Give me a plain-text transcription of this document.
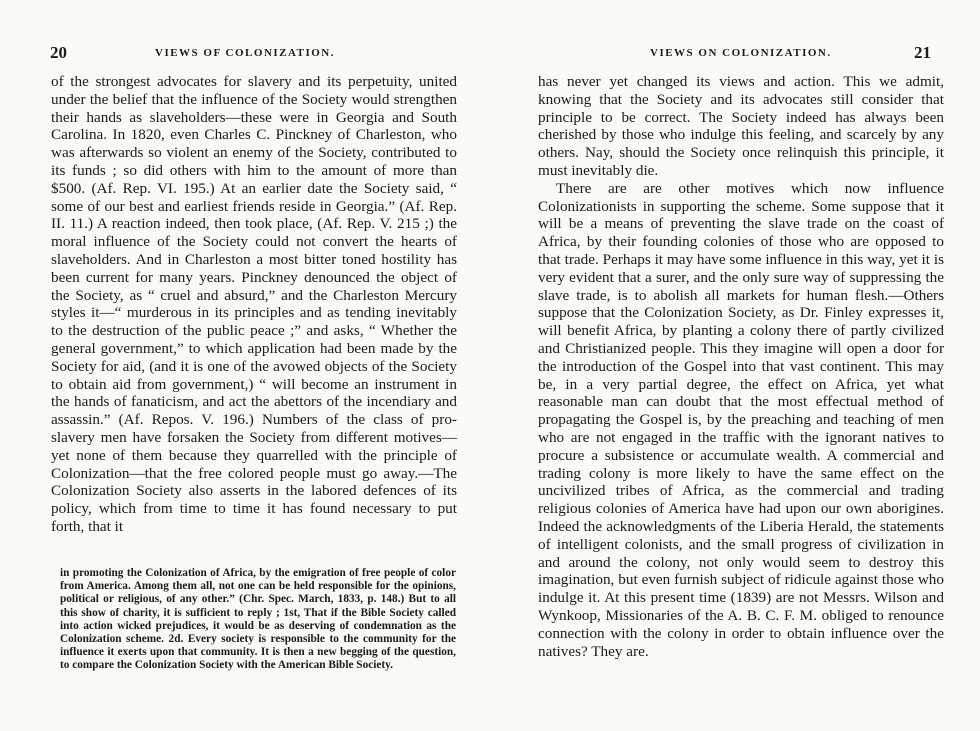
20	VIEWS OF COLONIZATION.

of the strongest advocates for slavery and its perpetuity, united under the belief that the influence of the Society would strengthen their hands as slaveholders—these were in Georgia and South Carolina. In 1820, even Charles C. Pinckney of Charleston, who was afterwards so violent an enemy of the Society, contributed to its funds ; so did others with him to the amount of more than $500. (Af. Rep. VI. 195.) At an earlier date the Society said, “ some of our best and earliest friends reside in Georgia.” (Af. Rep. II. 11.) A reaction indeed, then took place, (Af. Rep. V. 215 ;) the moral influence of the Society could not convert the hearts of slaveholders. And in Charleston a most bitter toned hostility has been current for many years. Pinckney denounced the object of the Society, as “ cruel and absurd,” and the Charleston Mercury styles it—“ murderous in its principles and as tending inevitably to the destruction of the public peace ;” and asks, “ Whether the general government,” to which application had been made by the Society for aid, (and it is one of the avowed objects of the Society to obtain aid from government,) “ will become an instrument in the hands of fanaticism, and act the abettors of the incendiary and assassin.” (Af. Repos. V. 196.) Numbers of the class of pro-slavery men have forsaken the Society from different motives—yet none of them because they quarrelled with the principle of Colonization—that the free colored people must go away.—The Colonization Society also asserts in the labored defences of its policy, which from time to time it has found necessary to put forth, that it

in promoting the Colonization of Africa, by the emigration of free people of color from America. Among them all, not one can be held responsible for the opinions, political or religious, of any other.” (Chr. Spec. March, 1833, p. 148.) But to all this show of charity, it is sufficient to reply ; 1st, That if the Bible Society called into action wicked prejudices, it would be as deserving of condemnation as the Colonization scheme. 2d. Every society is responsible to the community for the influence it exerts upon that community. It is then a new begging of the question, to compare the Colonization Society with the American Bible Society.

VIEWS ON COLONIZATION.	21

has never yet changed its views and action. This we admit, knowing that the Society and its advocates still consider that principle to be correct. The Society indeed has always been cherished by those who indulge this feeling, and scarcely by any others. Nay, should the Society once relinquish this principle, it must inevitably die.

There are are other motives which now influence Colonizationists in supporting the scheme. Some suppose that it will be a means of preventing the slave trade on the coast of Africa, by their founding colonies of those who are opposed to that trade. Perhaps it may have some influence in this way, yet it is very evident that a surer, and the only sure way of suppressing the slave trade, is to abolish all markets for human flesh.—Others suppose that the Colonization Society, as Dr. Finley expresses it, will benefit Africa, by planting a colony there of partly civilized and Christianized people. This they imagine will open a door for the introduction of the Gospel into that vast continent. This may be, in a very partial degree, the effect on Africa, yet what reasonable man can doubt that the most effectual method of propagating the Gospel is, by the preaching and teaching of men who are not engaged in the traffic with the ignorant natives to procure a subsistence or accumulate wealth. A commercial and trading colony is more likely to have the same effect on the uncivilized tribes of Africa, as the commercial and trading religious colonies of America have had upon our own aborigines. Indeed the acknowledgments of the Liberia Herald, the statements of intelligent colonists, and the small progress of civilization in and around the colony, not only would seem to destroy this imagination, but even furnish subject of ridicule against those who indulge it. At this present time (1839) are not Messrs. Wilson and Wynkoop, Missionaries of the A. B. C. F. M. obliged to renounce connection with the colony in order to obtain influence over the natives? They are.
